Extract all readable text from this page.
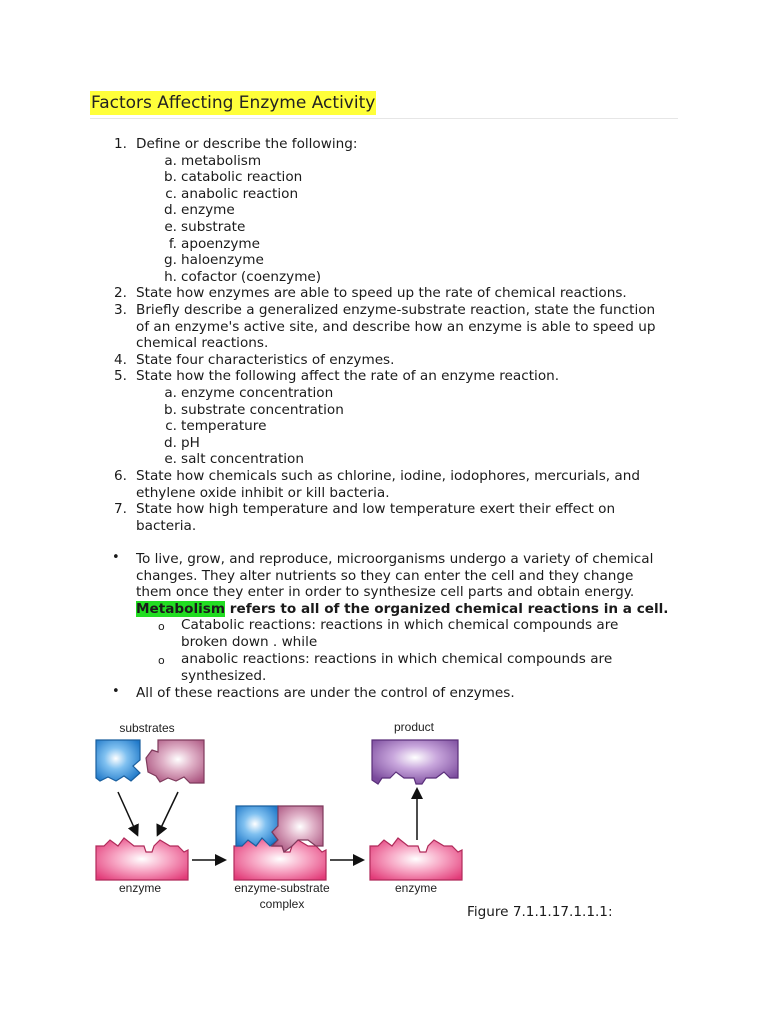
Factors Affecting Enzyme Activity
1. Define or describe the following:
a. metabolism
b. catabolic reaction
c. anabolic reaction
d. enzyme
e. substrate
f. apoenzyme
g. haloenzyme
h. cofactor (coenzyme)
2. State how enzymes are able to speed up the rate of chemical reactions.
3. Briefly describe a generalized enzyme-substrate reaction, state the function
of an enzyme's active site, and describe how an enzyme is able to speed up
chemical reactions.
4. State four characteristics of enzymes.
5. State how the following affect the rate of an enzyme reaction.
a. enzyme concentration
b. substrate concentration
c. temperature
d. pH
e. salt concentration
6. State how chemicals such as chlorine, iodine, iodophores, mercurials, and
ethylene oxide inhibit or kill bacteria.
7. State how high temperature and low temperature exert their effect on
bacteria.
• To live, grow, and reproduce, microorganisms undergo a variety of chemical
changes. They alter nutrients so they can enter the cell and they change
them once they enter in order to synthesize cell parts and obtain energy.
Metabolism refers to all of the organized chemical reactions in a cell.
o Catabolic reactions: reactions in which chemical compounds are
broken down . while
o anabolic reactions: reactions in which chemical compounds are
synthesized.
• All of these reactions are under the control of enzymes.
substrates
enzyme	enzyme-substrate
complex
enzyme
product
Figure 7.1.1.17.1.1.1:
